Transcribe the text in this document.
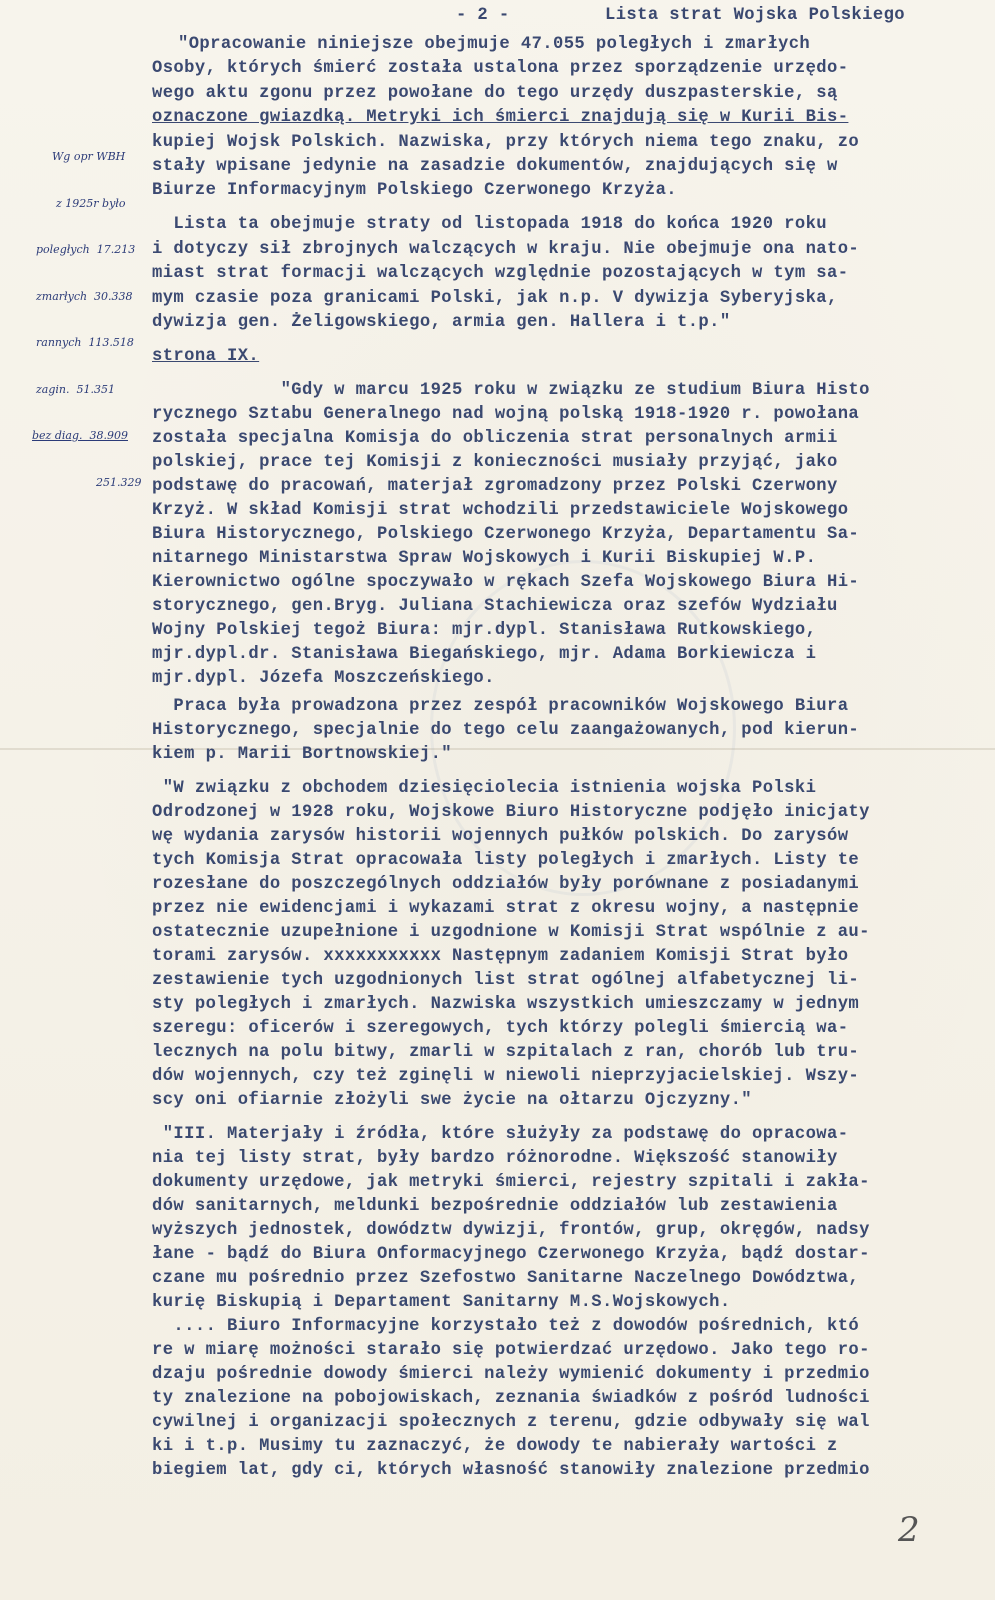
- 2 -

	Lista strat Wojska Polskiego

Wg opr WBH

z 1925r było

poległych  17.213

zmarłych  30.338

rannych  113.518

zagin.  51.351

bez diag.  38.909

251.329

"Opracowanie niniejsze obejmuje 47.055 poległych i zmarłych

Osoby, których śmierć została ustalona przez sporządzenie urzędo-

wego aktu zgonu przez powołane do tego urzędy duszpasterskie, są

oznaczone gwiazdką. Metryki ich śmierci znajdują się w Kurii Bis-

kupiej Wojsk Polskich. Nazwiska, przy których niema tego znaku, zo

stały wpisane jedynie na zasadzie dokumentów, znajdujących się w

Biurze Informacyjnym Polskiego Czerwonego Krzyża.

Lista ta obejmuje straty od listopada 1918 do końca 1920 roku

i dotyczy sił zbrojnych walczących w kraju. Nie obejmuje ona nato-

miast strat formacji walczących względnie pozostających w tym sa-

mym czasie poza granicami Polski, jak n.p. V dywizja Syberyjska,

dywizja gen. Żeligowskiego, armia gen. Hallera i t.p."

strona IX.

"Gdy w marcu 1925 roku w związku ze studium Biura Histo

rycznego Sztabu Generalnego nad wojną polską 1918-1920 r. powołana

została specjalna Komisja do obliczenia strat personalnych armii

polskiej, prace tej Komisji z konieczności musiały przyjąć, jako

podstawę do pracowań, materjał zgromadzony przez Polski Czerwony

Krzyż. W skład Komisji strat wchodzili przedstawiciele Wojskowego

Biura Historycznego, Polskiego Czerwonego Krzyża, Departamentu Sa-

nitarnego Ministarstwa Spraw Wojskowych i Kurii Biskupiej W.P.

Kierownictwo ogólne spoczywało w rękach Szefa Wojskowego Biura Hi-

storycznego, gen.Bryg. Juliana Stachiewicza oraz szefów Wydziału

Wojny Polskiej tegoż Biura: mjr.dypl. Stanisława Rutkowskiego,

mjr.dypl.dr. Stanisława Biegańskiego, mjr. Adama Borkiewicza i

mjr.dypl. Józefa Moszczeńskiego.

Praca była prowadzona przez zespół pracowników Wojskowego Biura

Historycznego, specjalnie do tego celu zaangażowanych, pod kierun-

kiem p. Marii Bortnowskiej."

"W związku z obchodem dziesięciolecia istnienia wojska Polski

Odrodzonej w 1928 roku, Wojskowe Biuro Historyczne podjęło inicjaty

wę wydania zarysów historii wojennych pułków polskich. Do zarysów

tych Komisja Strat opracowała listy poległych i zmarłych. Listy te

rozesłane do poszczególnych oddziałów były porównane z posiadanymi

przez nie ewidencjami i wykazami strat z okresu wojny, a następnie

ostatecznie uzupełnione i uzgodnione w Komisji Strat wspólnie z au-

torami zarysów. xxxxxxxxxxx Następnym zadaniem Komisji Strat było

zestawienie tych uzgodnionych list strat ogólnej alfabetycznej li-

sty poległych i zmarłych. Nazwiska wszystkich umieszczamy w jednym

szeregu: oficerów i szeregowych, tych którzy polegli śmiercią wa-

lecznych na polu bitwy, zmarli w szpitalach z ran, chorób lub tru-

dów wojennych, czy też zginęli w niewoli nieprzyjacielskiej. Wszy-

scy oni ofiarnie złożyli swe życie na ołtarzu Ojczyzny."

"III. Materjały i źródła, które służyły za podstawę do opracowa-

nia tej listy strat, były bardzo różnorodne. Większość stanowiły

dokumenty urzędowe, jak metryki śmierci, rejestry szpitali i zakła-

dów sanitarnych, meldunki bezpośrednie oddziałów lub zestawienia

wyższych jednostek, dowództw dywizji, frontów, grup, okręgów, nadsy

łane - bądź do Biura Onformacyjnego Czerwonego Krzyża, bądź dostar-

czane mu pośrednio przez Szefostwo Sanitarne Naczelnego Dowództwa,

kurię Biskupią i Departament Sanitarny M.S.Wojskowych.

.... Biuro Informacyjne korzystało też z dowodów pośrednich, któ

re w miarę możności starało się potwierdzać urzędowo. Jako tego ro-

dzaju pośrednie dowody śmierci należy wymienić dokumenty i przedmio

ty znalezione na pobojowiskach, zeznania świadków z pośród ludności

cywilnej i organizacji społecznych z terenu, gdzie odbywały się wal

ki i t.p. Musimy tu zaznaczyć, że dowody te nabierały wartości z

biegiem lat, gdy ci, których własność stanowiły znalezione przedmio

2
